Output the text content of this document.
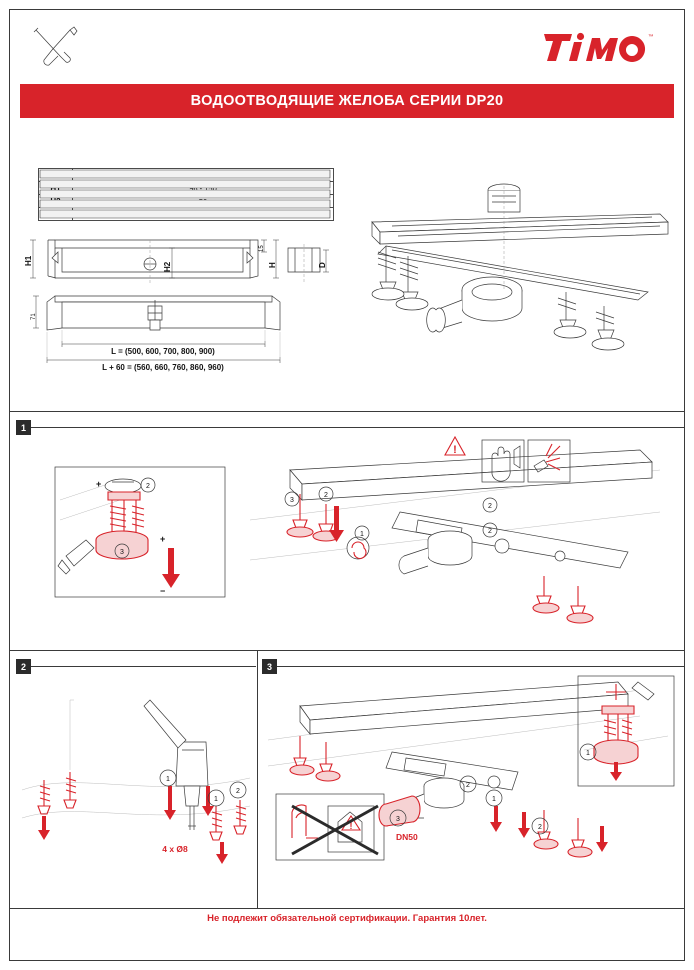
™
ВОДООТВОДЯЩИЕ ЖЕЛОБА СЕРИИ DP20

H1
H2
15
H	D
71
L = (500, 600, 700, 800, 900)
L + 60 = (560, 660, 760, 860, 960)
1
+
+
−
2
3
3
2
1
2
2
!
2	3
1
2
1
4 x Ø8
2
1
2
1
!
DN50
3
Не подлежит обязательной сертификации. Гарантия 10лет.
